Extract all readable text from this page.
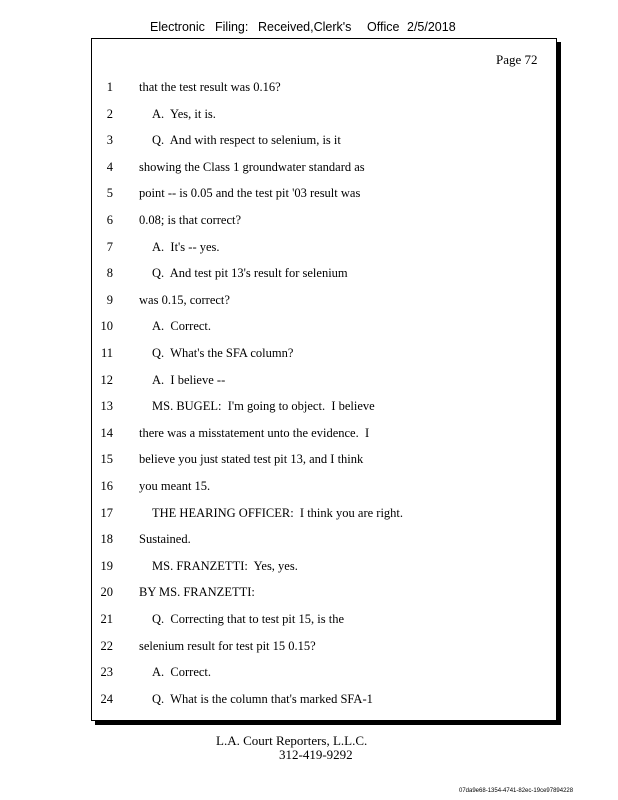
Electronic Filing: Received,Clerk's Office 2/5/2018
Page 72
1 that the test result was 0.16?
2	A.  Yes, it is.
3	Q.  And with respect to selenium, is it
4 showing the Class 1 groundwater standard as
5 point -- is 0.05 and the test pit '03 result was
6 0.08; is that correct?
7	A.  It's -- yes.
8	Q.  And test pit 13's result for selenium
9 was 0.15, correct?
10	A.  Correct.
11	Q.  What's the SFA column?
12	A.  I believe --
13	MS. BUGEL:  I'm going to object.  I believe
14 there was a misstatement unto the evidence.  I
15 believe you just stated test pit 13, and I think
16 you meant 15.
17	THE HEARING OFFICER:  I think you are right.
18 Sustained.
19	MS. FRANZETTI:  Yes, yes.
20 BY MS. FRANZETTI:
21	Q.  Correcting that to test pit 15, is the
22 selenium result for test pit 15 0.15?
23	A.  Correct.
24	Q.  What is the column that's marked SFA-1
L.A. Court Reporters, L.L.C.
312-419-9292
07da9e68-1354-4741-82ec-19ce97894228
